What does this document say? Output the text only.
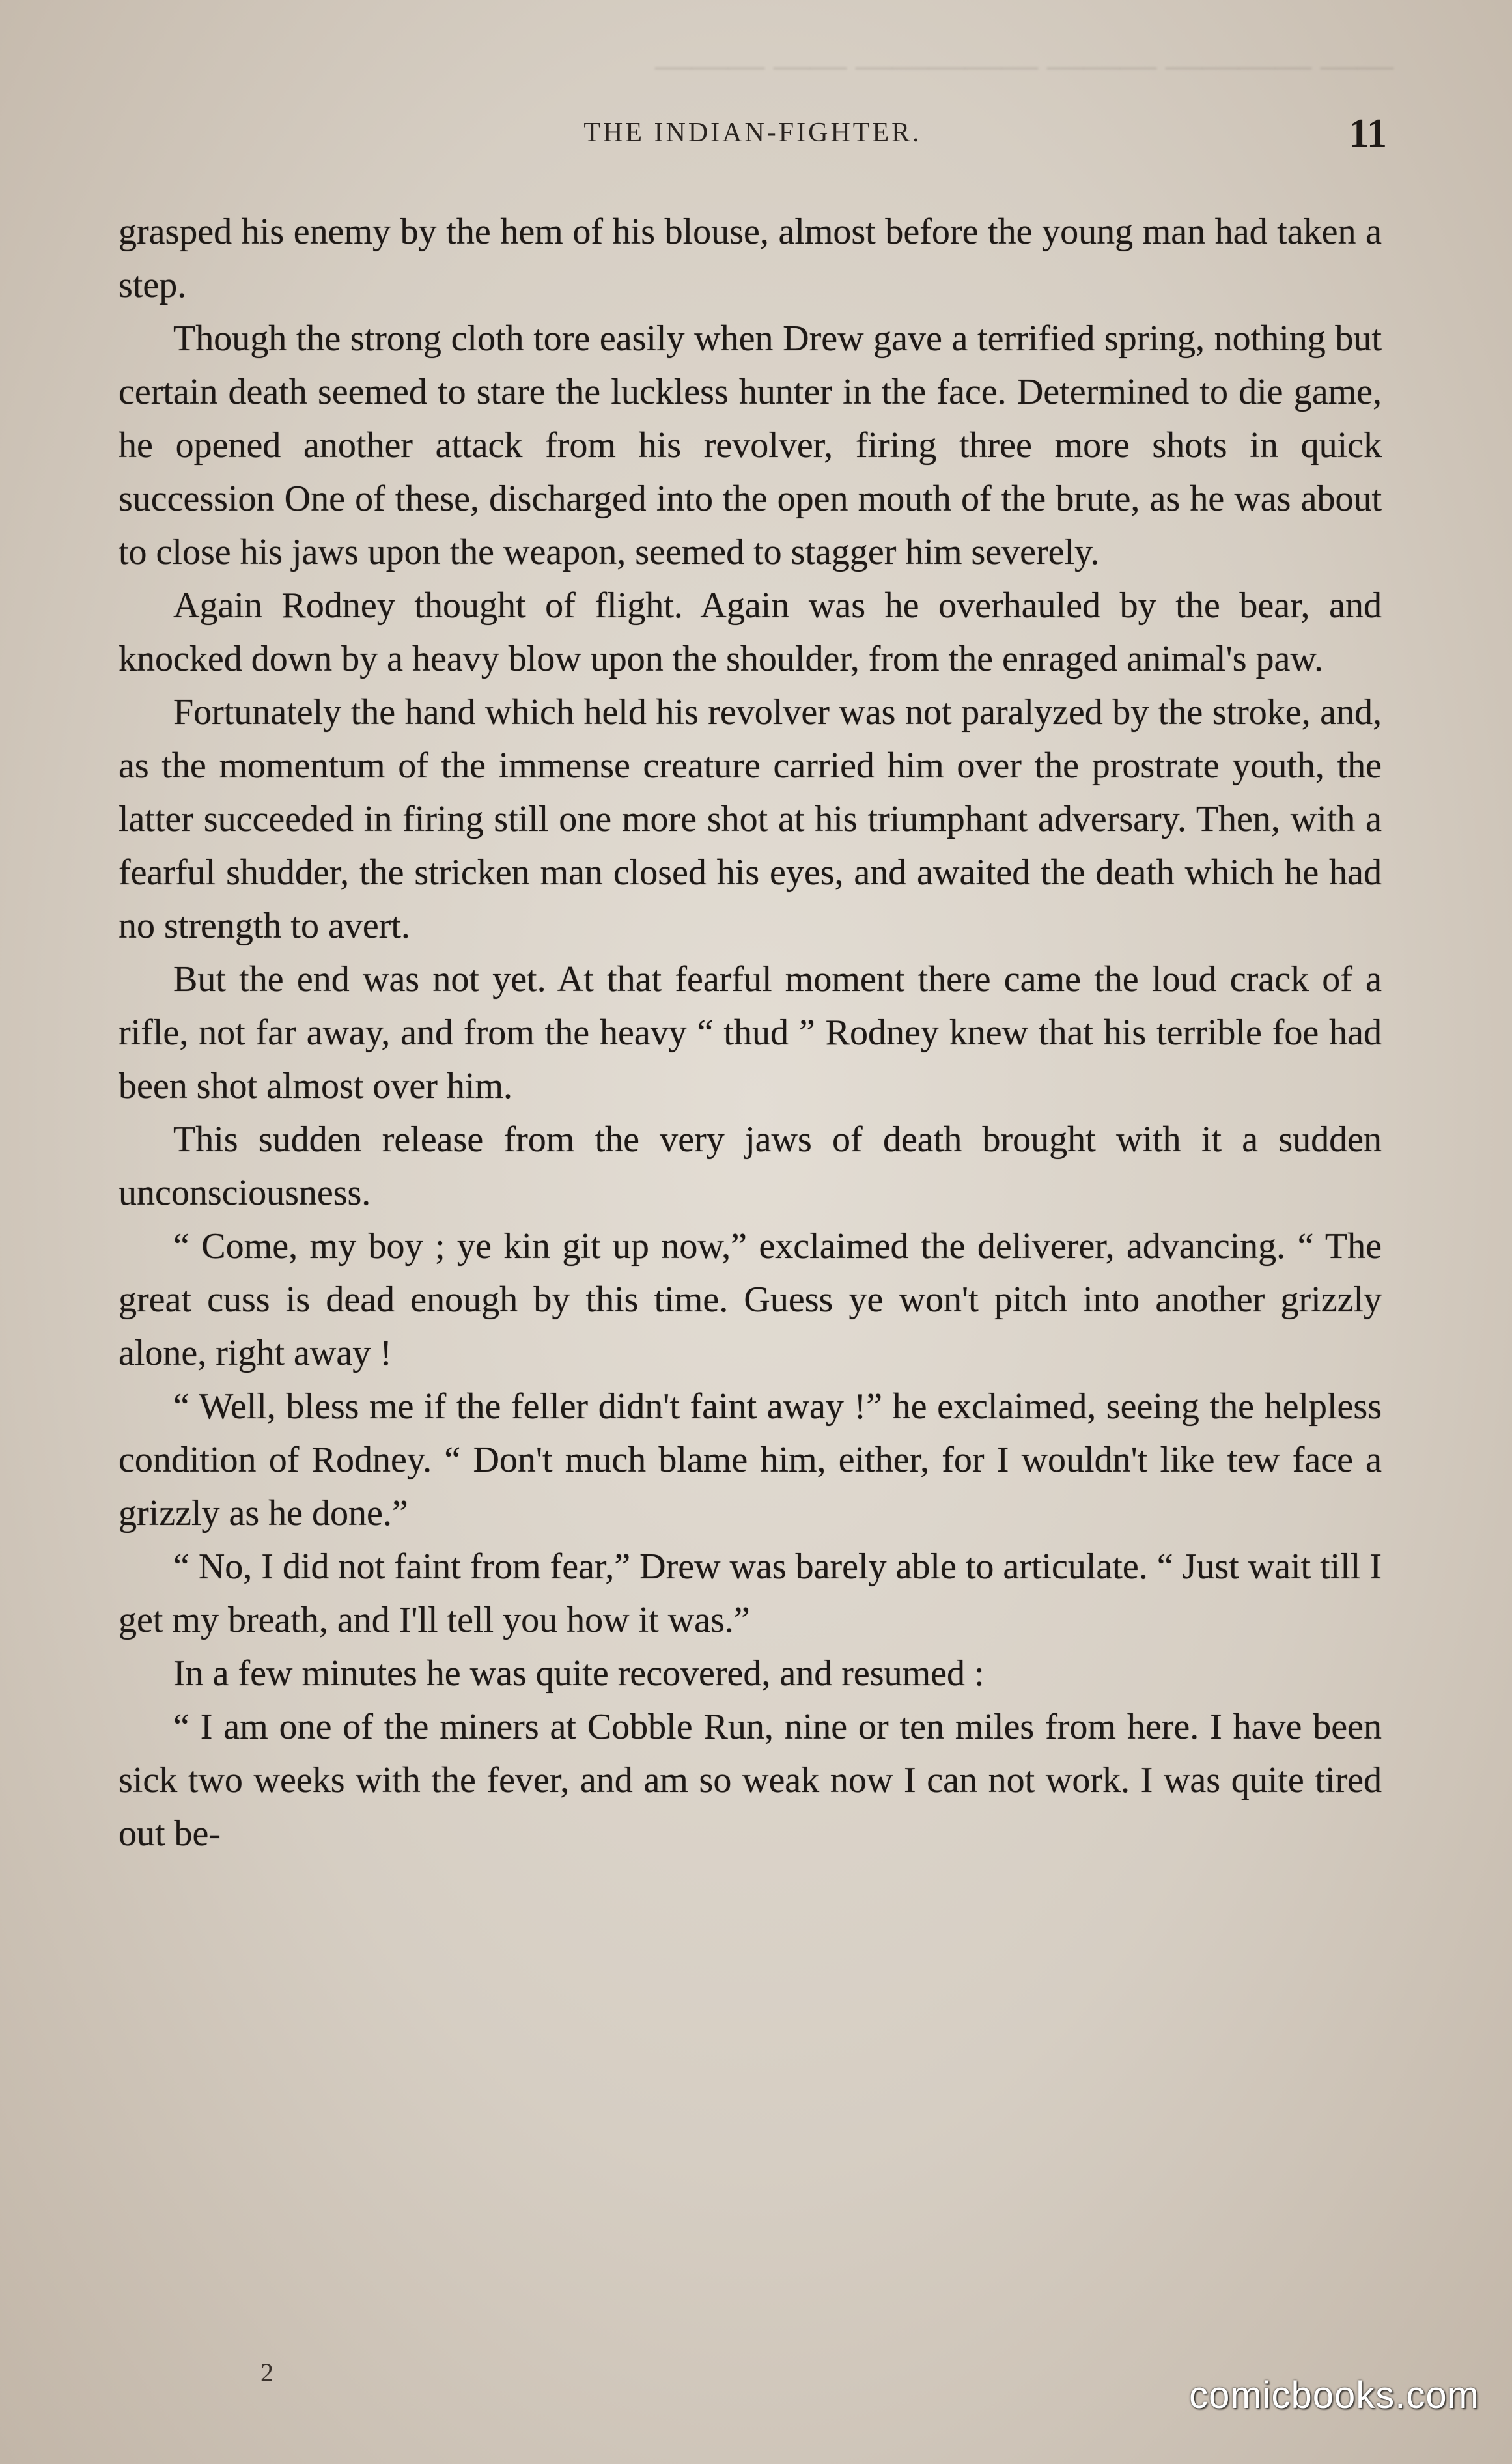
—— ———— ——— ————— —— ———
THE INDIAN-FIGHTER.	11

grasped his enemy by the hem of his blouse, almost before the young man had taken a step.

Though the strong cloth tore easily when Drew gave a terrified spring, nothing but certain death seemed to stare the luckless hunter in the face. Determined to die game, he opened another attack from his revolver, firing three more shots in quick succession One of these, discharged into the open mouth of the brute, as he was about to close his jaws upon the weapon, seemed to stagger him severely.

Again Rodney thought of flight. Again was he overhauled by the bear, and knocked down by a heavy blow upon the shoulder, from the enraged animal's paw.

Fortunately the hand which held his revolver was not paralyzed by the stroke, and, as the momentum of the immense creature carried him over the prostrate youth, the latter succeeded in firing still one more shot at his triumphant adversary. Then, with a fearful shudder, the stricken man closed his eyes, and awaited the death which he had no strength to avert.

But the end was not yet. At that fearful moment there came the loud crack of a rifle, not far away, and from the heavy “ thud ” Rodney knew that his terrible foe had been shot almost over him.

This sudden release from the very jaws of death brought with it a sudden unconsciousness.

“ Come, my boy ; ye kin git up now,” exclaimed the deliverer, advancing. “ The great cuss is dead enough by this time. Guess ye won't pitch into another grizzly alone, right away !

“ Well, bless me if the feller didn't faint away !” he exclaimed, seeing the helpless condition of Rodney. “ Don't much blame him, either, for I wouldn't like tew face a grizzly as he done.”

“ No, I did not faint from fear,” Drew was barely able to articulate. “ Just wait till I get my breath, and I'll tell you how it was.”

In a few minutes he was quite recovered, and resumed :

“ I am one of the miners at Cobble Run, nine or ten miles from here. I have been sick two weeks with the fever, and am so weak now I can not work. I was quite tired out be-

2
comicbooks.com
